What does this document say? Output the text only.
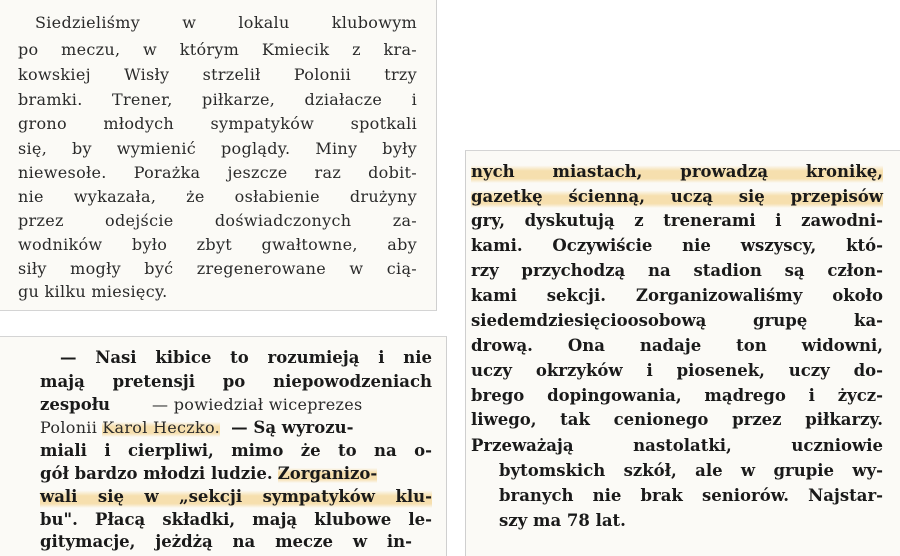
Siedzieliśmy w lokalu klubowym
po meczu, w którym Kmiecik z kra-
kowskiej Wisły strzelił Polonii trzy
bramki. Trener, piłkarze, działacze i
grono młodych sympatyków spotkali
się, by wymienić poglądy. Miny były
niewesołe. Porażka jeszcze raz dobit-
nie wykazała, że osłabienie drużyny
przez odejście doświadczonych za-
wodników było zbyt gwałtowne, aby
siły mogły być zregenerowane w cią-
gu kilku miesięcy.
— Nasi kibice to rozumieją i nie
mają pretensji po niepowodzeniach
zespołu	— powiedział wiceprezes
Polonii Karol Heczko. — Są wyrozu-
miali i cierpliwi, mimo że to na o-
gół bardzo młodzi ludzie. Zorganizo-
wali się w „sekcji sympatyków klu-
bu". Płacą składki, mają klubowe le-
gitymacje, jeżdżą na mecze w in-
nych miastach, prowadzą kronikę,
gazetkę ścienną, uczą się przepisów
gry, dyskutują z trenerami i zawodni-
kami. Oczywiście nie wszyscy, któ-
rzy przychodzą na stadion są człon-
kami sekcji. Zorganizowaliśmy około
siedemdziesięcioosobową grupę ka-
drową. Ona nadaje ton widowni,
uczy okrzyków i piosenek, uczy do-
brego dopingowania, mądrego i życz-
liwego, tak cenionego przez piłkarzy.
Przeważają nastolatki, uczniowie
bytomskich szkół, ale w grupie wy-
branych nie brak seniorów. Najstar-
szy ma 78 lat.
